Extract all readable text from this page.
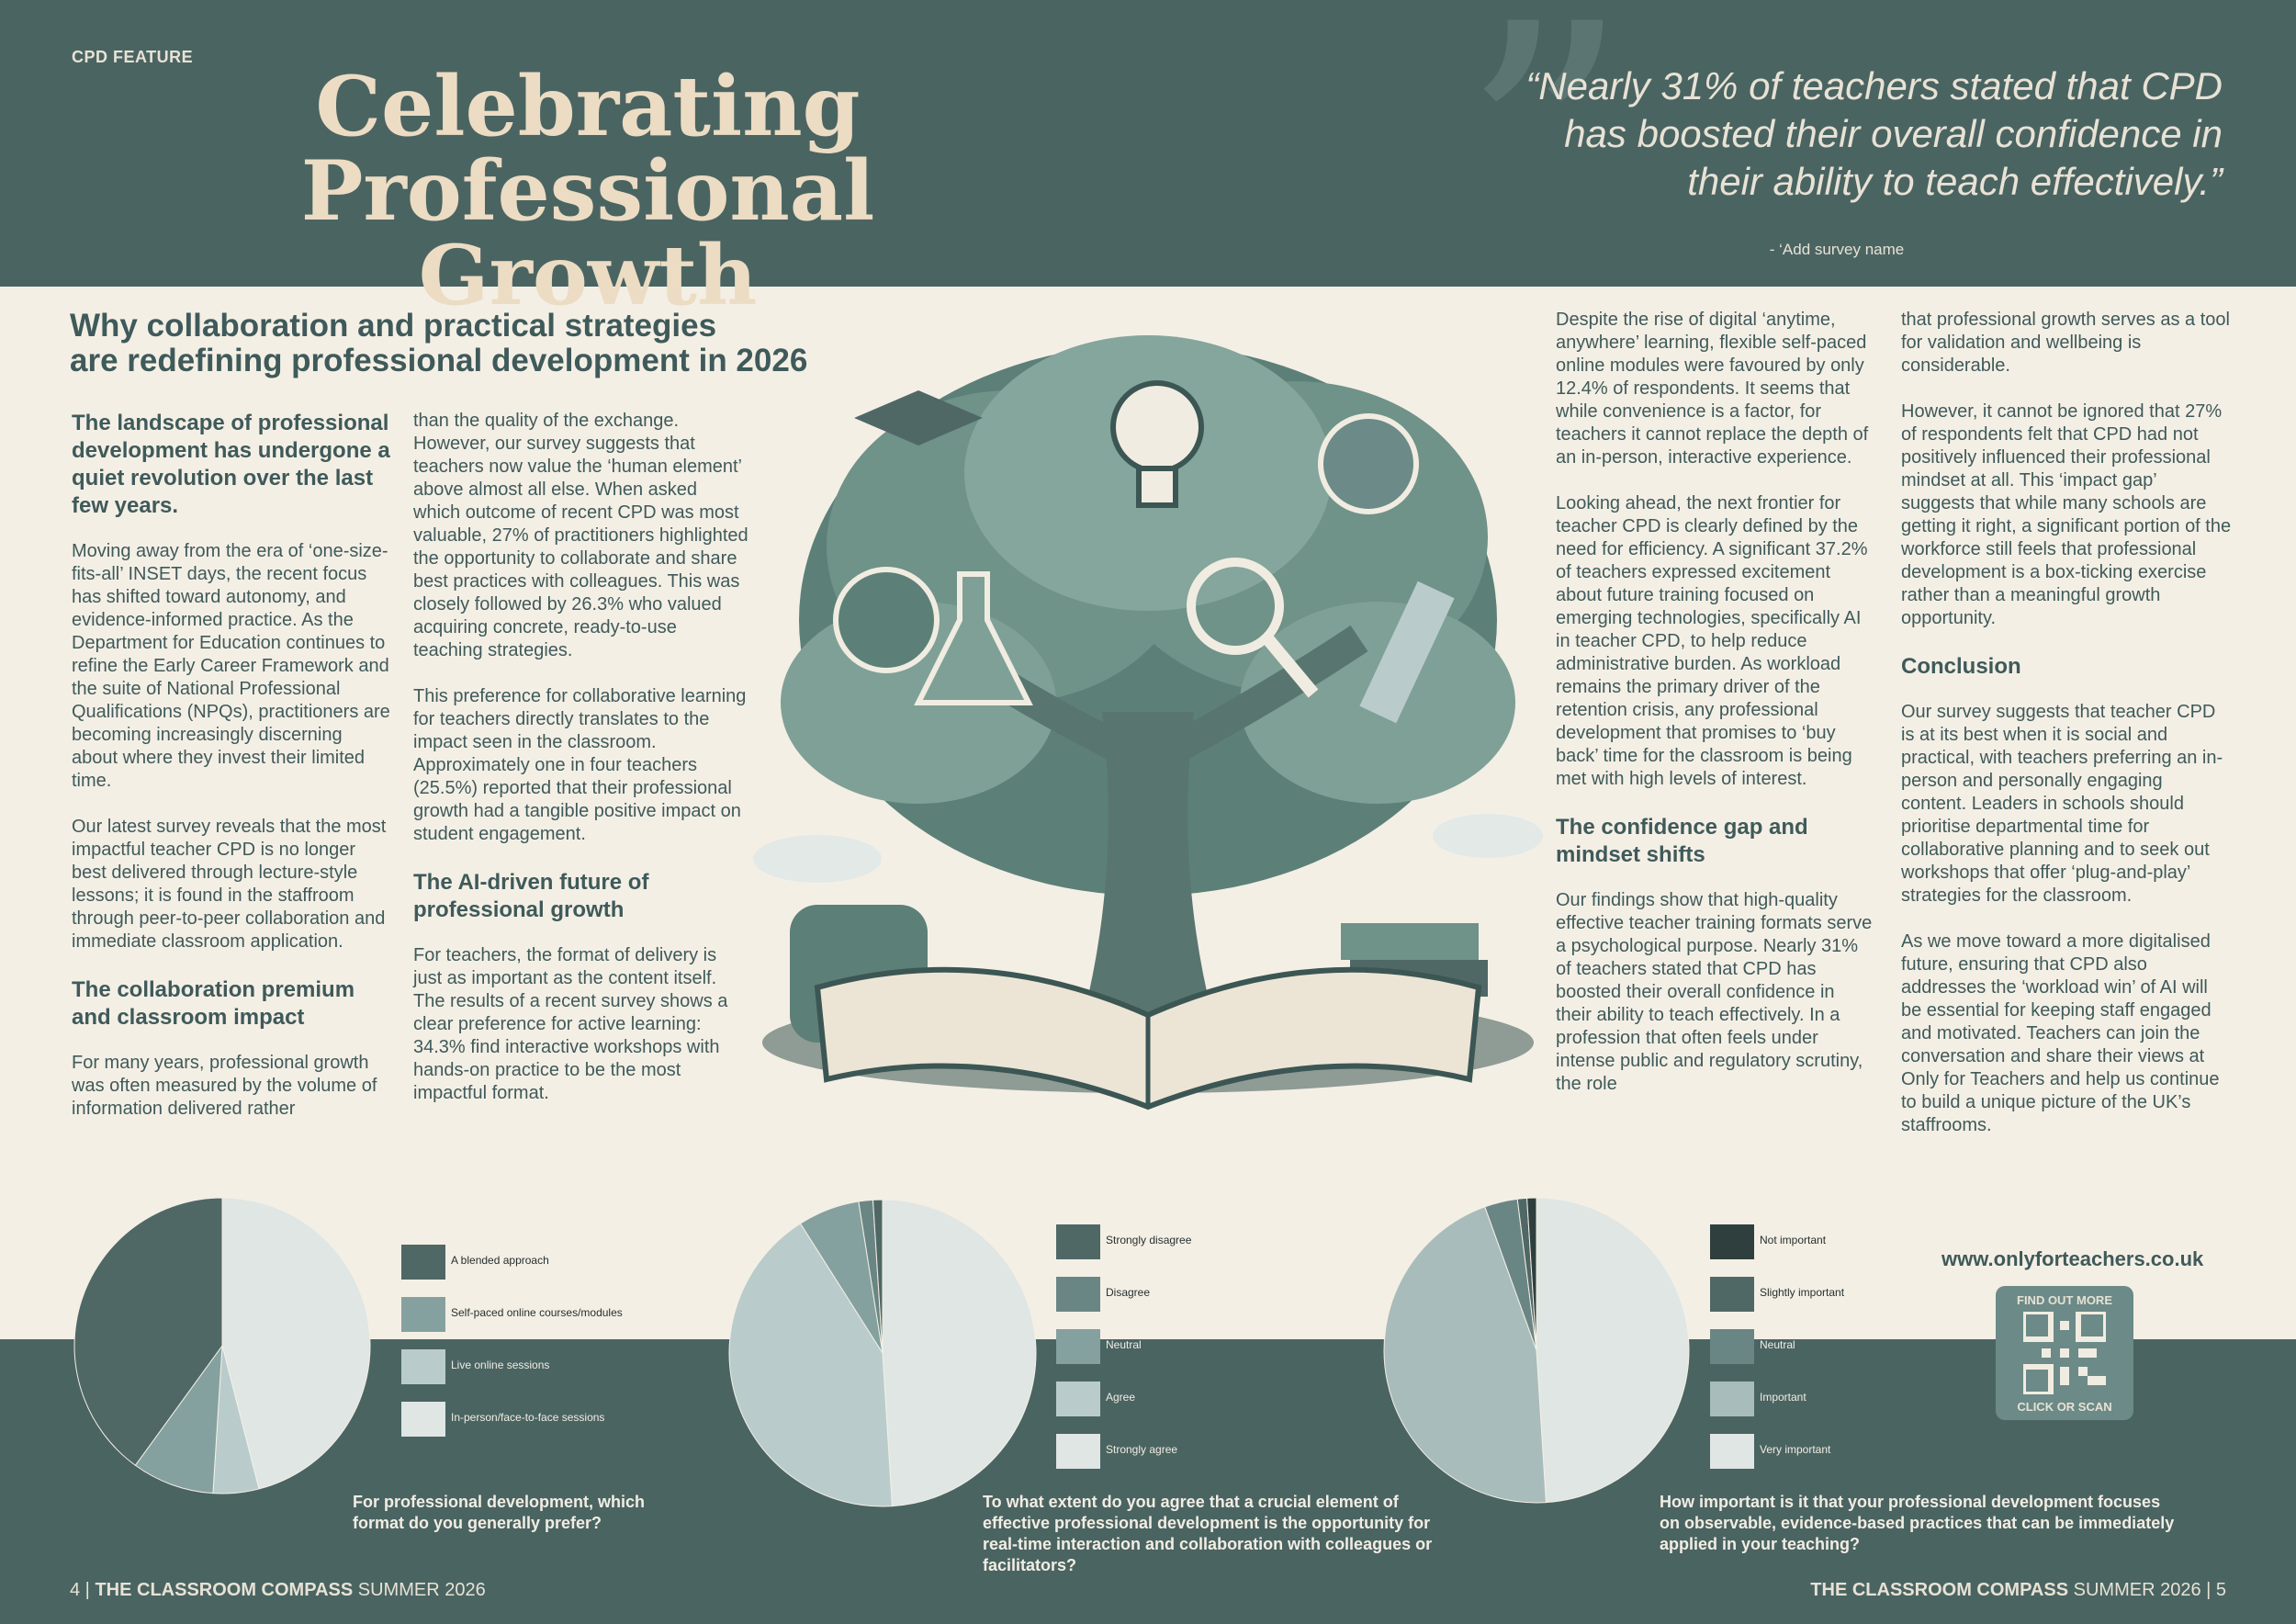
CPD FEATURE
Celebrating
Professional Growth	”
“Nearly 31% of teachers stated that CPD
has boosted their overall confidence in
their ability to teach effectively.”
- ‘Add survey name
Why collaboration and practical strategies
are redefining professional development in 2026
The landscape of professional development has undergone a quiet revolution over the last few years.

Moving away from the era of ‘one-size-fits-all’ INSET days, the recent focus has shifted toward autonomy, and evidence-informed practice. As the Department for Education continues to refine the Early Career Framework and the suite of National Professional Qualifications (NPQs), practitioners are becoming increasingly discerning about where they invest their limited time.

Our latest survey reveals that the most impactful teacher CPD is no longer best delivered through lecture-style lessons; it is found in the staffroom through peer-to-peer collaboration and immediate classroom application.

The collaboration premium and classroom impact

For many years, professional growth was often measured by the volume of information delivered rather

than the quality of the exchange. However, our survey suggests that teachers now value the ‘human element’ above almost all else. When asked which outcome of recent CPD was most valuable, 27% of practitioners highlighted the opportunity to collaborate and share best practices with colleagues. This was closely followed by 26.3% who valued acquiring concrete, ready-to-use teaching strategies.

This preference for collaborative learning for teachers directly translates to the impact seen in the classroom. Approximately one in four teachers (25.5%) reported that their professional growth had a tangible positive impact on student engagement.

The AI-driven future of professional growth

For teachers, the format of delivery is just as important as the content itself. The results of a recent survey shows a clear preference for active learning: 34.3% find interactive workshops with hands-on practice to be the most impactful format.

Despite the rise of digital ‘anytime, anywhere’ learning, flexible self-paced online modules were favoured by only 12.4% of respondents. It seems that while convenience is a factor, for teachers it cannot replace the depth of an in-person, interactive experience.

Looking ahead, the next frontier for teacher CPD is clearly defined by the need for efficiency. A significant 37.2% of teachers expressed excitement about future training focused on emerging technologies, specifically AI in teacher CPD, to help reduce administrative burden. As workload remains the primary driver of the retention crisis, any professional development that promises to ‘buy back’ time for the classroom is being met with high levels of interest.

The confidence gap and mindset shifts

Our findings show that high-quality effective teacher training formats serve a psychological purpose. Nearly 31% of teachers stated that CPD has boosted their overall confidence in their ability to teach effectively. In a profession that often feels under intense public and regulatory scrutiny, the role

that professional growth serves as a tool for validation and wellbeing is considerable.

However, it cannot be ignored that 27% of respondents felt that CPD had not positively influenced their professional mindset at all. This ‘impact gap’ suggests that while many schools are getting it right, a significant portion of the workforce still feels that professional development is a box-ticking exercise rather than a meaningful growth opportunity.

Conclusion

Our survey suggests that teacher CPD is at its best when it is social and practical, with teachers preferring an in-person and personally engaging content. Leaders in schools should prioritise departmental time for collaborative planning and to seek out workshops that offer ‘plug-and-play’ strategies for the classroom.

As we move toward a more digitalised future, ensuring that CPD also addresses the ‘workload win’ of AI will be essential for keeping staff engaged and motivated. Teachers can join the conversation and share their views at Only for Teachers and help us continue to build a unique picture of the UK’s staffrooms.

A blended approach
Self-paced online courses/modules
Live online sessions
In-person/face-to-face sessions
Strongly disagree
Disagree
Neutral
Agree
Strongly agree
Not important
Slightly important
Neutral
Important
Very important
For professional development, which format do you generally prefer?
To what extent do you agree that a crucial element of effective professional development is the opportunity for real-time interaction and collaboration with colleagues or facilitators?
How important is it that your professional development focuses on observable, evidence-based practices that can be immediately applied in your teaching?
www.onlyforteachers.co.uk
FIND OUT MORE
CLICK OR SCAN
4 | THE CLASSROOM COMPASS SUMMER 2026	THE CLASSROOM COMPASS SUMMER 2026 | 5
